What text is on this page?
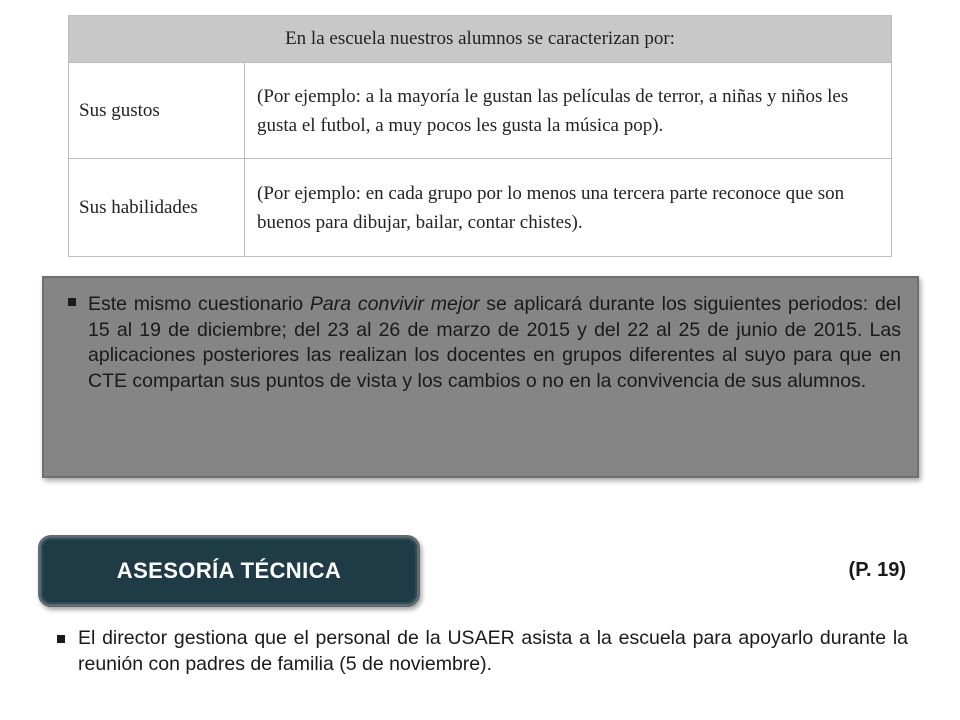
En la escuela nuestros alumnos se caracterizan por:	
Sus gustos	(Por ejemplo: a la mayoría le gustan las películas de terror, a niñas y niños les gusta el futbol, a muy pocos les gusta la música pop).
Sus habilidades	(Por ejemplo: en cada grupo por lo menos una tercera parte reconoce que son buenos para dibujar, bailar, contar chistes).

Este mismo cuestionario Para convivir mejor se aplicará durante los siguientes periodos: del 15 al 19 de diciembre; del 23 al 26 de marzo de 2015 y del 22 al 25 de junio de 2015. Las aplicaciones posteriores las realizan los docentes en grupos diferentes al suyo para que en CTE compartan sus puntos de vista y los cambios o no en la convivencia de sus alumnos.

ASESORÍA TÉCNICA	(P. 19)

El director gestiona que el personal de la USAER asista a la escuela para apoyarlo durante la reunión con padres de familia (5 de noviembre).
